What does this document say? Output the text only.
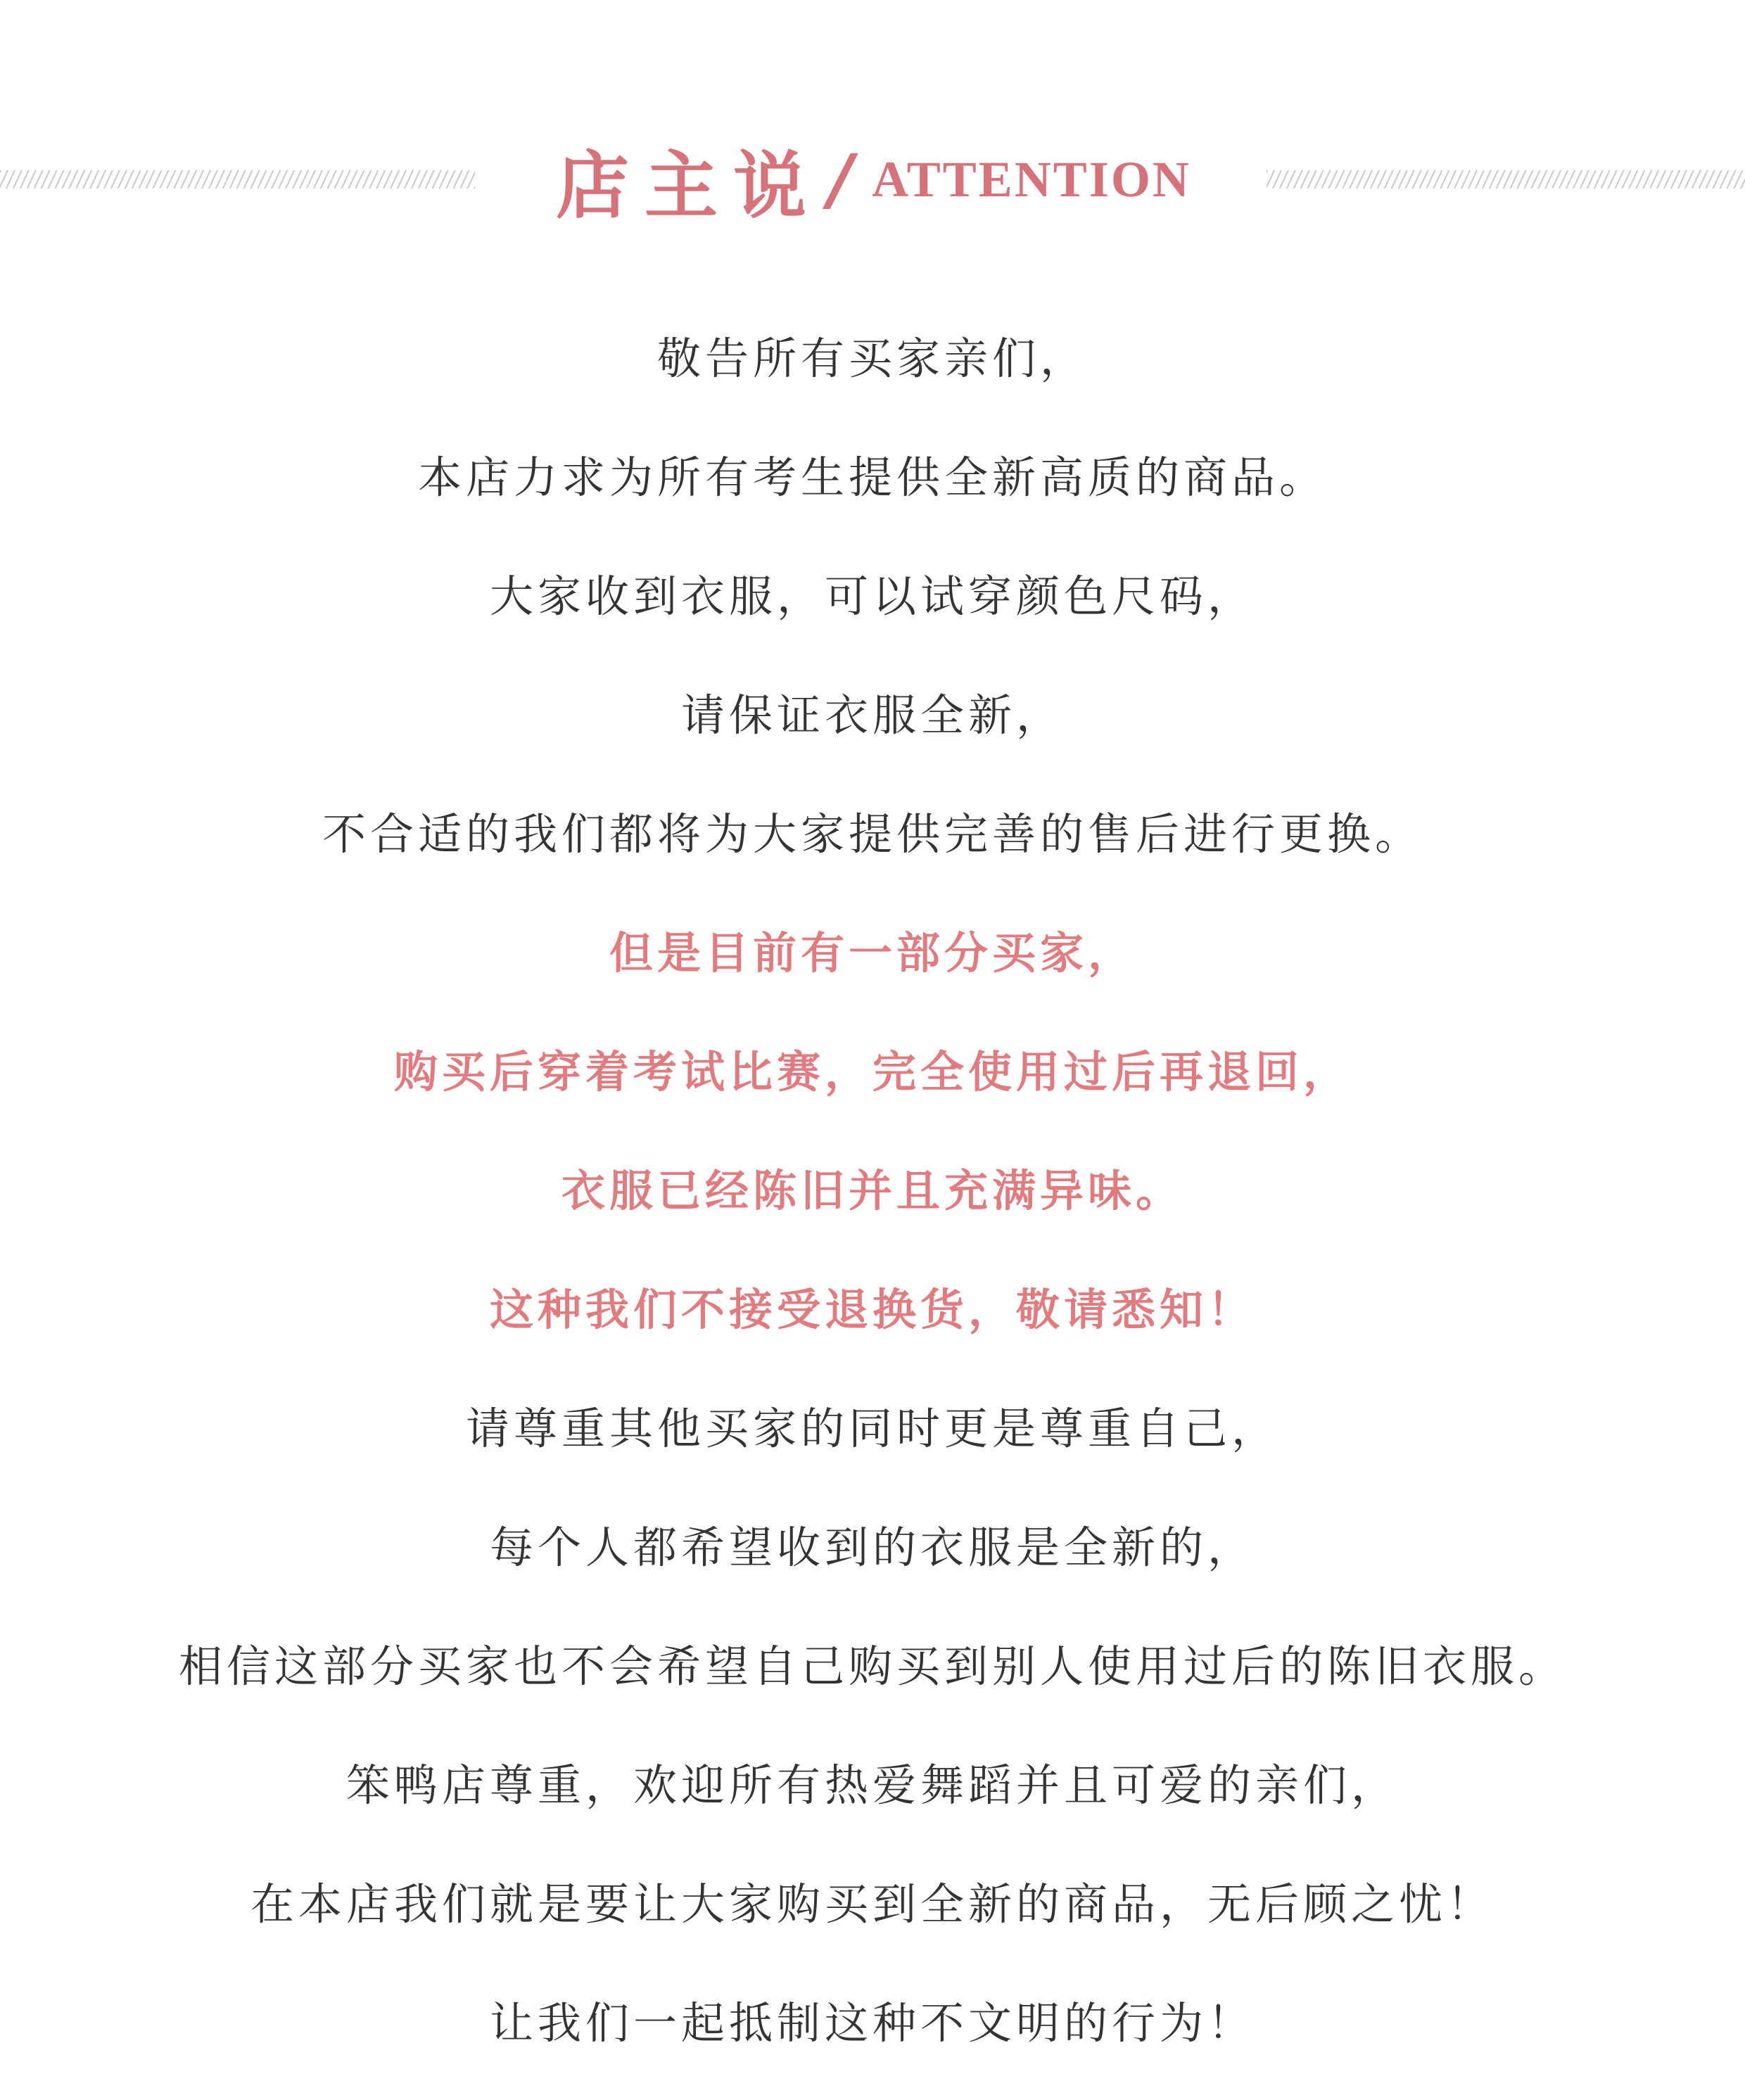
店主说 / ATTENTION
敬告所有买家亲们，
本店力求为所有考生提供全新高质的商品。
大家收到衣服，可以试穿颜色尺码，
请保证衣服全新，
不合适的我们都将为大家提供完善的售后进行更换。
但是目前有一部分买家，
购买后穿着考试比赛，完全使用过后再退回，
衣服已经陈旧并且充满异味。
这种我们不接受退换货，敬请悉知！
请尊重其他买家的同时更是尊重自己，
每个人都希望收到的衣服是全新的，
相信这部分买家也不会希望自己购买到别人使用过后的陈旧衣服。
笨鸭店尊重，欢迎所有热爱舞蹈并且可爱的亲们，
在本店我们就是要让大家购买到全新的商品，无后顾之忧！
让我们一起抵制这种不文明的行为！
